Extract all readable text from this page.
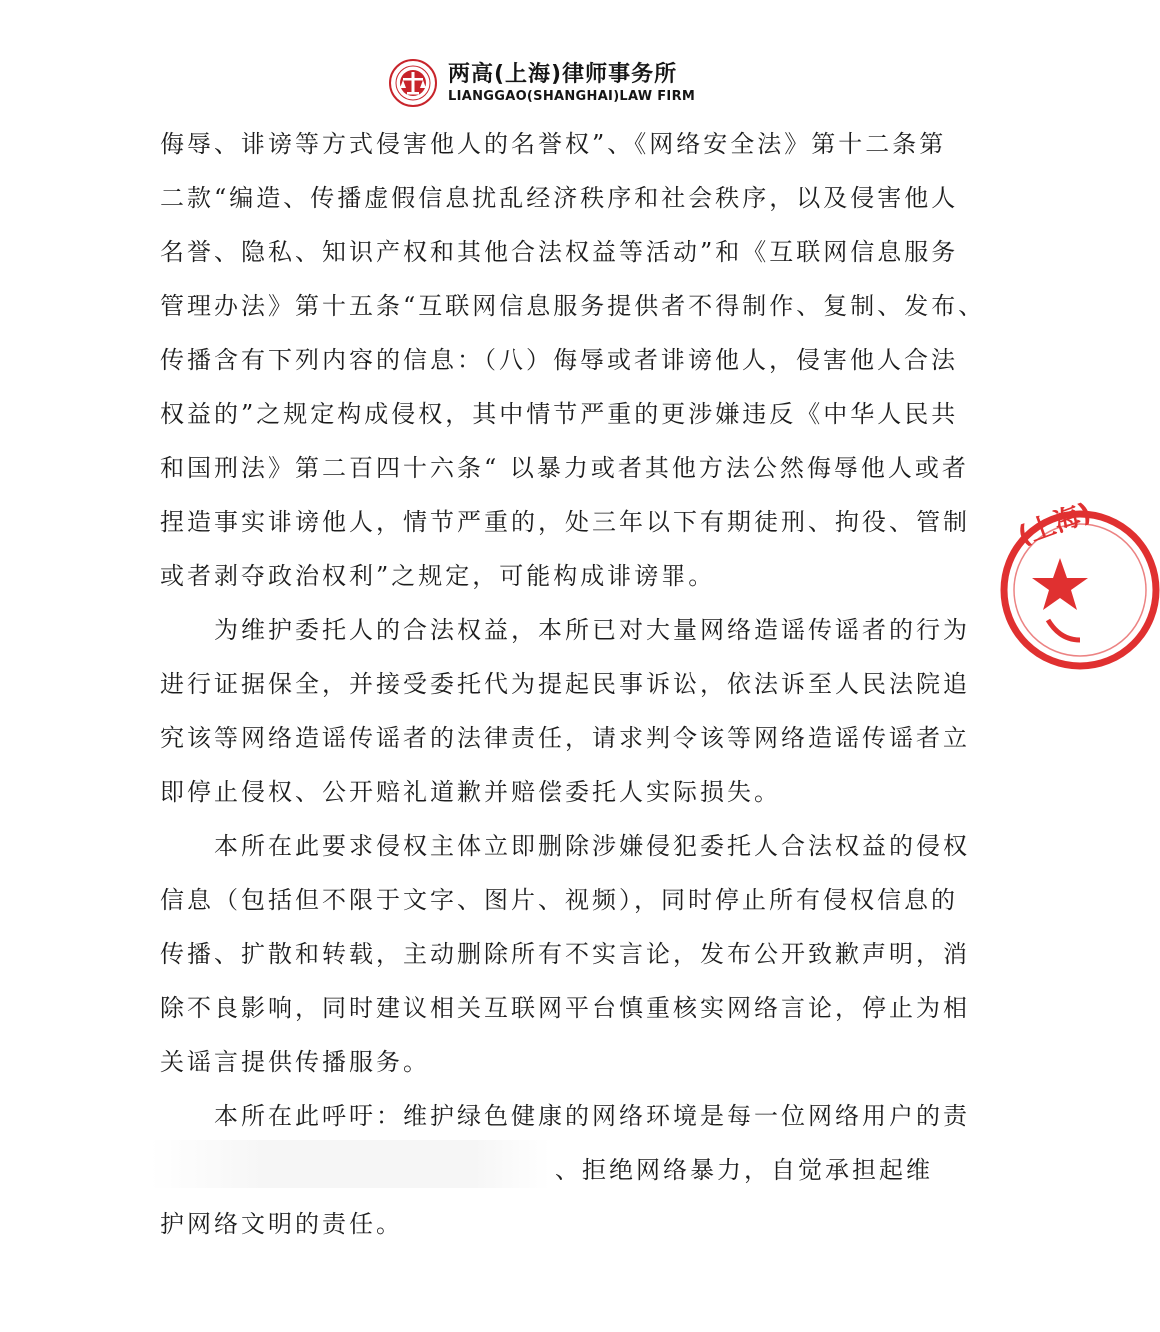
两高(上海)律师事务所
LIANGGAO(SHANGHAI)LAW FIRM
侮辱、诽谤等方式侵害他人的名誉权”、《网络安全法》第十二条第
二款“编造、传播虚假信息扰乱经济秩序和社会秩序，以及侵害他人
名誉、隐私、知识产权和其他合法权益等活动”和《互联网信息服务
管理办法》第十五条“互联网信息服务提供者不得制作、复制、发布、
传播含有下列内容的信息：（八）侮辱或者诽谤他人，侵害他人合法
权益的”之规定构成侵权，其中情节严重的更涉嫌违反《中华人民共
和国刑法》第二百四十六条“ 以暴力或者其他方法公然侮辱他人或者
捏造事实诽谤他人，情节严重的，处三年以下有期徒刑、拘役、管制
或者剥夺政治权利”之规定，可能构成诽谤罪。
　　为维护委托人的合法权益，本所已对大量网络造谣传谣者的行为
进行证据保全，并接受委托代为提起民事诉讼，依法诉至人民法院追
究该等网络造谣传谣者的法律责任，请求判令该等网络造谣传谣者立
即停止侵权、公开赔礼道歉并赔偿委托人实际损失。
　　本所在此要求侵权主体立即删除涉嫌侵犯委托人合法权益的侵权
信息（包括但不限于文字、图片、视频），同时停止所有侵权信息的
传播、扩散和转载，主动删除所有不实言论，发布公开致歉声明，消
除不良影响，同时建议相关互联网平台慎重核实网络言论，停止为相
关谣言提供传播服务。
　　本所在此呼吁：维护绿色健康的网络环境是每一位网络用户的责
、拒绝网络暴力，自觉承担起维
护网络文明的责任。
(上海)
